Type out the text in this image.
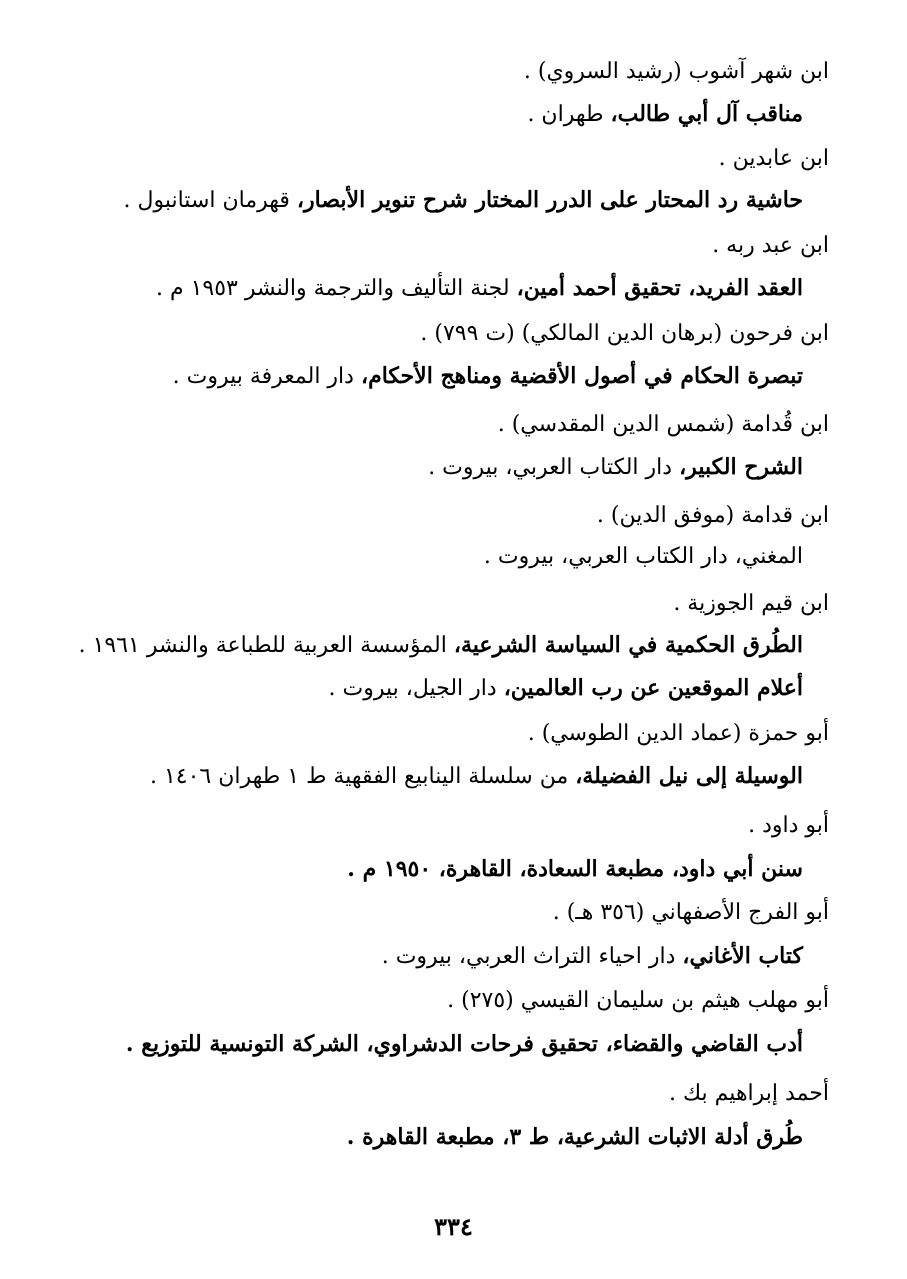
ابن شهر آشوب (رشيد السروي) .
مناقب آل أبي طالب، طهران .
ابن عابدين .
حاشية رد المحتار على الدرر المختار شرح تنوير الأبصار، قهرمان استانبول .
ابن عبد ربه .
العقد الفريد، تحقيق أحمد أمين، لجنة التأليف والترجمة والنشر ١٩٥٣ م .
ابن فرحون (برهان الدين المالكي) (ت ٧٩٩) .
تبصرة الحكام في أصول الأقضية ومناهج الأحكام، دار المعرفة بيروت .
ابن قُدامة (شمس الدين المقدسي) .
الشرح الكبير، دار الكتاب العربي، بيروت .
ابن قدامة (موفق الدين) .
المغني، دار الكتاب العربي، بيروت .
ابن قيم الجوزية .
الطُرق الحكمية في السياسة الشرعية، المؤسسة العربية للطباعة والنشر ١٩٦١ .
أعلام الموقعين عن رب العالمين، دار الجيل، بيروت .
أبو حمزة (عماد الدين الطوسي) .
الوسيلة إلى نيل الفضيلة، من سلسلة الينابيع الفقهية ط ١ طهران ١٤٠٦ .
أبو داود .
سنن أبي داود، مطبعة السعادة، القاهرة، ١٩٥٠ م .
أبو الفرج الأصفهاني (٣٥٦ هـ) .
كتاب الأغاني، دار احياء التراث العربي، بيروت .
أبو مهلب هيثم بن سليمان القيسي (٢٧٥) .
أدب القاضي والقضاء، تحقيق فرحات الدشراوي، الشركة التونسية للتوزيع .
أحمد إبراهيم بك .
طُرق أدلة الاثبات الشرعية، ط ٣، مطبعة القاهرة .
٣٣٤
